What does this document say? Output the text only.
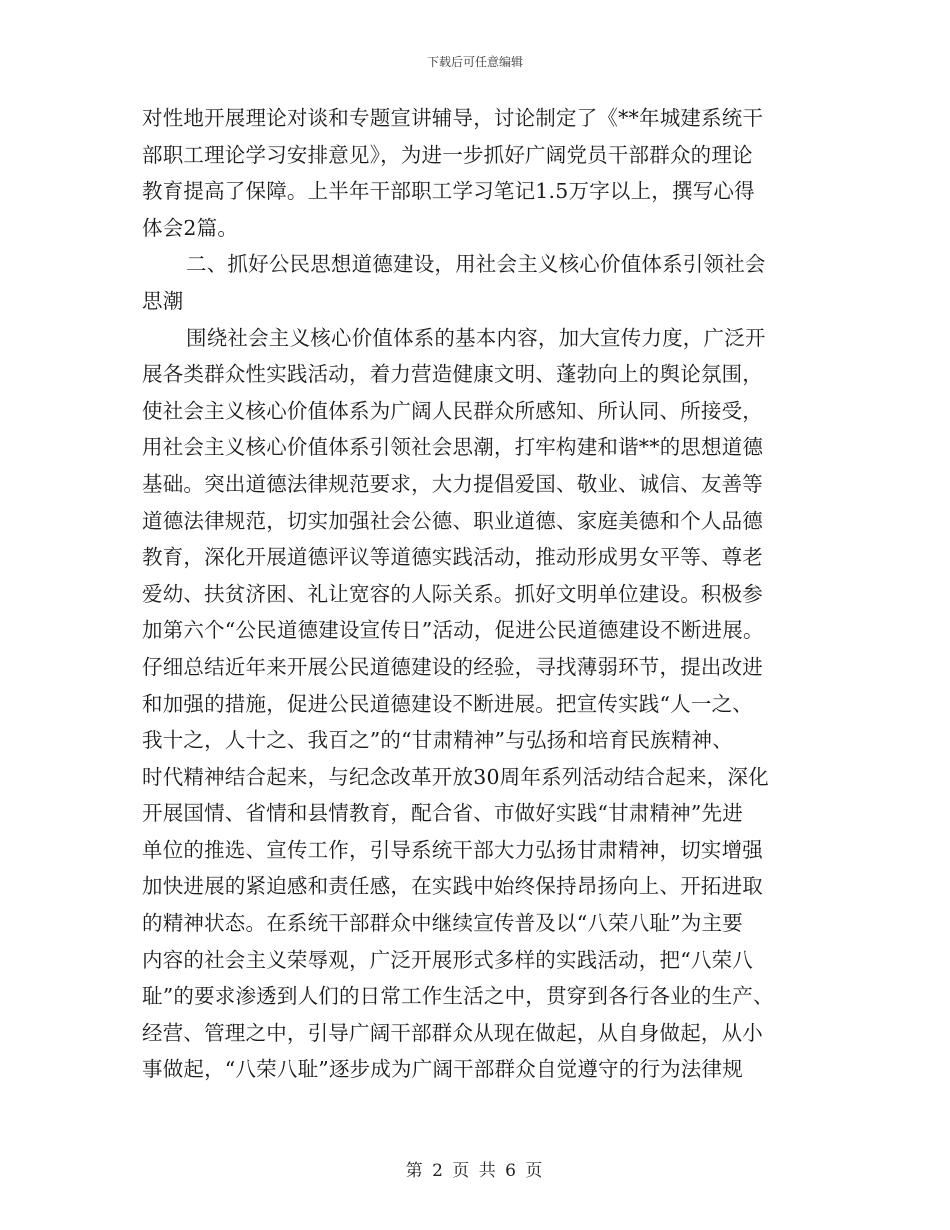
下载后可任意编辑
对性地开展理论对谈和专题宣讲辅导，讨论制定了《**年城建系统干
部职工理论学习安排意见》，为进一步抓好广阔党员干部群众的理论
教育提高了保障。上半年干部职工学习笔记1.5万字以上，撰写心得
体会2篇。
二、抓好公民思想道德建设，用社会主义核心价值体系引领社会
思潮
围绕社会主义核心价值体系的基本内容，加大宣传力度，广泛开
展各类群众性实践活动，着力营造健康文明、蓬勃向上的舆论氛围，
使社会主义核心价值体系为广阔人民群众所感知、所认同、所接受，
用社会主义核心价值体系引领社会思潮，打牢构建和谐**的思想道德
基础。突出道德法律规范要求，大力提倡爱国、敬业、诚信、友善等
道德法律规范，切实加强社会公德、职业道德、家庭美德和个人品德
教育，深化开展道德评议等道德实践活动，推动形成男女平等、尊老
爱幼、扶贫济困、礼让宽容的人际关系。抓好文明单位建设。积极参
加第六个“公民道德建设宣传日”活动，促进公民道德建设不断进展。
仔细总结近年来开展公民道德建设的经验，寻找薄弱环节，提出改进
和加强的措施，促进公民道德建设不断进展。把宣传实践“人一之、
我十之，人十之、我百之”的“甘肃精神”与弘扬和培育民族精神、
时代精神结合起来，与纪念改革开放30周年系列活动结合起来，深化
开展国情、省情和县情教育，配合省、市做好实践“甘肃精神”先进
单位的推选、宣传工作，引导系统干部大力弘扬甘肃精神，切实增强
加快进展的紧迫感和责任感，在实践中始终保持昂扬向上、开拓进取
的精神状态。在系统干部群众中继续宣传普及以“八荣八耻”为主要
内容的社会主义荣辱观，广泛开展形式多样的实践活动，把“八荣八
耻”的要求渗透到人们的日常工作生活之中，贯穿到各行各业的生产、
经营、管理之中，引导广阔干部群众从现在做起，从自身做起，从小
事做起，“八荣八耻”逐步成为广阔干部群众自觉遵守的行为法律规
第 2 页 共 6 页
